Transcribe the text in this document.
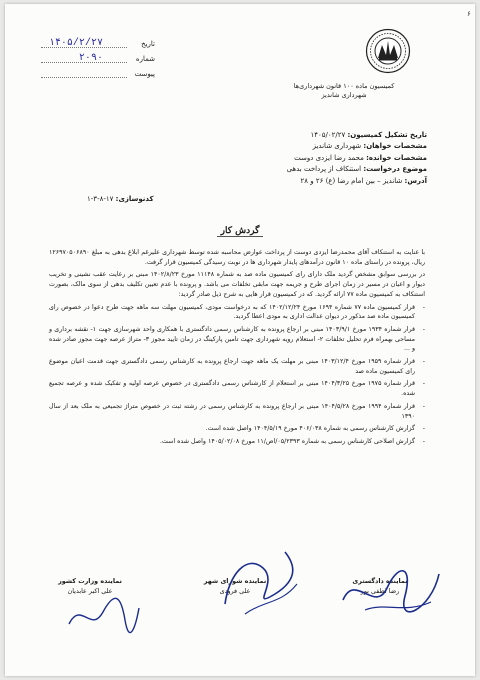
۶
کمیسیون ماده ۱۰۰ قانون شهرداری‌ها
شهرداری شاندیز
تاریخ
۱۴۰۵/۲/۲۷
شماره
۲۰۹۰
پیوست
تاریخ تشکیل کمیسیون: ۱۴۰۵/۰۲/۲۷
مشخصات خواهان: شهرداری شاندیز
مشخصات خوانده: محمد رضا ایزدی دوست
موضوع درخواست: استنکاف از پرداخت بدهی
آدرس: شاندیز – بین امام رضا (ع) ۲۶ و ۲۸
کدنوسازی: ۱۷-۸-۳-۱
گردش کار

با عنایت به استنکاف آقای محمدرضا ایزدی دوست از پرداخت عوارض محاسبه شده توسط شهرداری علیرغم ابلاغ بدهی به مبلغ ۱۲۶۹۷۰۵۰۶۸۹۰ ریال، پرونده در راستای ماده ۱۰ قانون درآمدهای پایدار شهرداری ها در نوبت رسیدگی کمیسیون قرار گرفت.

در بررسی سوابق مشخص گردید ملک دارای رای کمیسیون ماده صد به شماره ۱۱۱۴۸ مورخ ۱۴۰۲/۸/۲۳ مبنی بر رعایت عقب نشینی و تخریب دیوار و اعیان در مسیر در زمان اجرای طرح و جریمه جهت مابقی تخلفات می باشد. و پرونده با عدم تعیین تکلیف بدهی از سوی مالک، بصورت استنکاف به کمیسیون ماده ۷۷ ارائه گردید. که در کمیسیون قرار هایی به شرح ذیل صادر گردید:

- قرار کمیسیون ماده ۷۷ شماره ۱۶۹۴ مورخ ۱۴۰۲/۱۲/۲۴ که به درخواست مودی، کمیسیون مهلت سه ماهه جهت طرح دعوا در خصوص رای کمیسیون ماده صد مذکور در دیوان عدالت اداری به مودی اعطا گردید.
- قرار شماره ۱۹۳۴ مورخ ۱۴۰۳/۹/۱ مبنی بر ارجاع پرونده به کارشناس رسمی دادگستری با همکاری واحد شهرسازی جهت ۱- نقشه برداری و مساحی بهمراه فرم تحلیل تخلفات ۲- استعلام رویه شهرداری جهت تامین پارکینگ در زمان تایید مجوز ۳- متراژ عرصه جهت مجوز صادر شده و ...
- قرار شماره ۱۹۵۹ مورخ ۱۴۰۳/۱۲/۴ مبنی بر مهلت یک ماهه جهت ارجاع پرونده به کارشناس رسمی دادگستری جهت قدمت اعیان موضوع رای کمیسیون ماده صد
- قرار شماره ۱۹۷۵ مورخ ۱۴۰۴/۳/۲۵ مبنی بر استعلام از کارشناس رسمی دادگستری در خصوص عرصه اولیه و تفکیک شده و عرصه تجمیع شده.
- قرار شماره ۱۹۹۴ مورخ ۱۴۰۴/۵/۲۸ مبنی بر ارجاع پرونده به کارشناس رسمی در رشته ثبت در خصوص متراژ تجمیعی به ملک بعد از سال ۱۳۹۰
- گزارش کارشناس رسمی به شماره ۴۰۶/۰۳۸ مورخ ۱۴۰۴/۵/۱۹ واصل شده است.
- گزارش اصلاحی کارشناس رسمی به شماره ۰۵/۲۳۹۳/اص/۱۱ مورخ ۱۴۰۵/۰۲/۰۸ واصل شده است.
نماینده دادگستری
رضا لطفی پور
نماینده شورای شهر
علی فرودی
نماینده وزارت کشور
علی اکبر عابدیان
